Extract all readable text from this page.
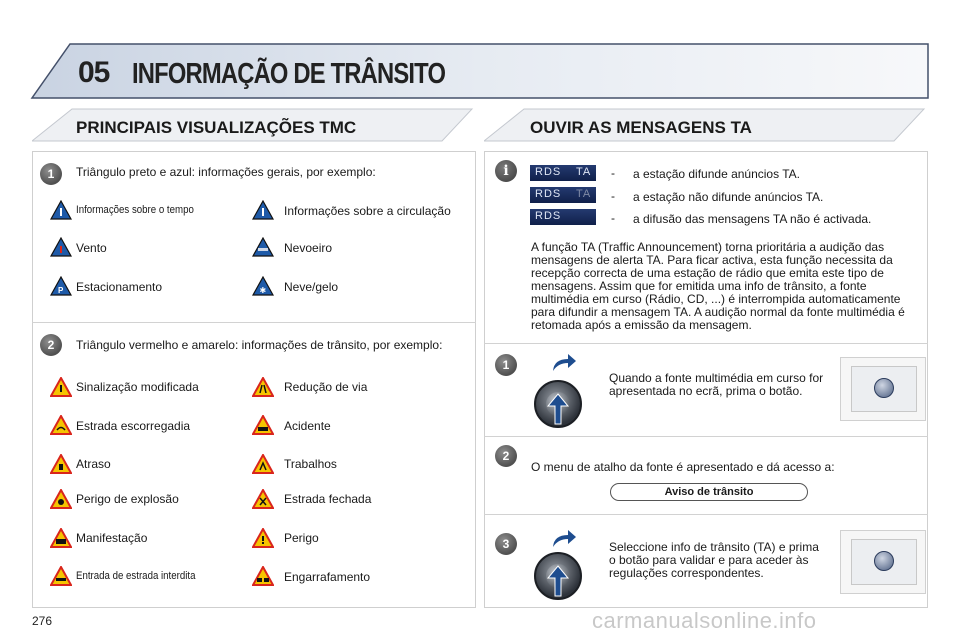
05 INFORMAÇÃO DE TRÂNSITO
PRINCIPAIS VISUALIZAÇÕES TMC	OUVIR AS MENSAGENS TA
1	Triângulo preto e azul: informações gerais, por exemplo:
Informações sobre o tempo	Informações sobre a circulação
Vento	Nevoeiro
P Estacionamento	✱ Neve/gelo
2	Triângulo vermelho e amarelo: informações de trânsito, por exemplo:
Sinalização modificada	Redução de via
Estrada escorregadia	Acidente
Atraso	Trabalhos
Perigo de explosão	Estrada fechada
Manifestação	Perigo
Entrada de estrada interdita	Engarrafamento
i	RDS TA - a estação difunde anúncios TA.
RDS TA - a estação não difunde anúncios TA.
RDS	- a difusão das mensagens TA não é activada.
A função TA (Traffic Announcement) torna prioritária a audição das mensagens de alerta TA. Para ficar activa, esta função necessita da recepção correcta de uma estação de rádio que emita este tipo de mensagens. Assim que for emitida uma info de trânsito, a fonte multimédia em curso (Rádio, CD, ...) é interrompida automaticamente para difundir a mensagem TA. A audição normal da fonte multimédia é retomada após a emissão da mensagem.
1
Quando a fonte multimédia em curso for apresentada no ecrã, prima o botão.
2
O menu de atalho da fonte é apresentado e dá acesso a:
Aviso de trânsito
3	Seleccione info de trânsito (TA) e prima o botão para validar e para aceder às regulações correspondentes.
276	carmanualsonline.info
